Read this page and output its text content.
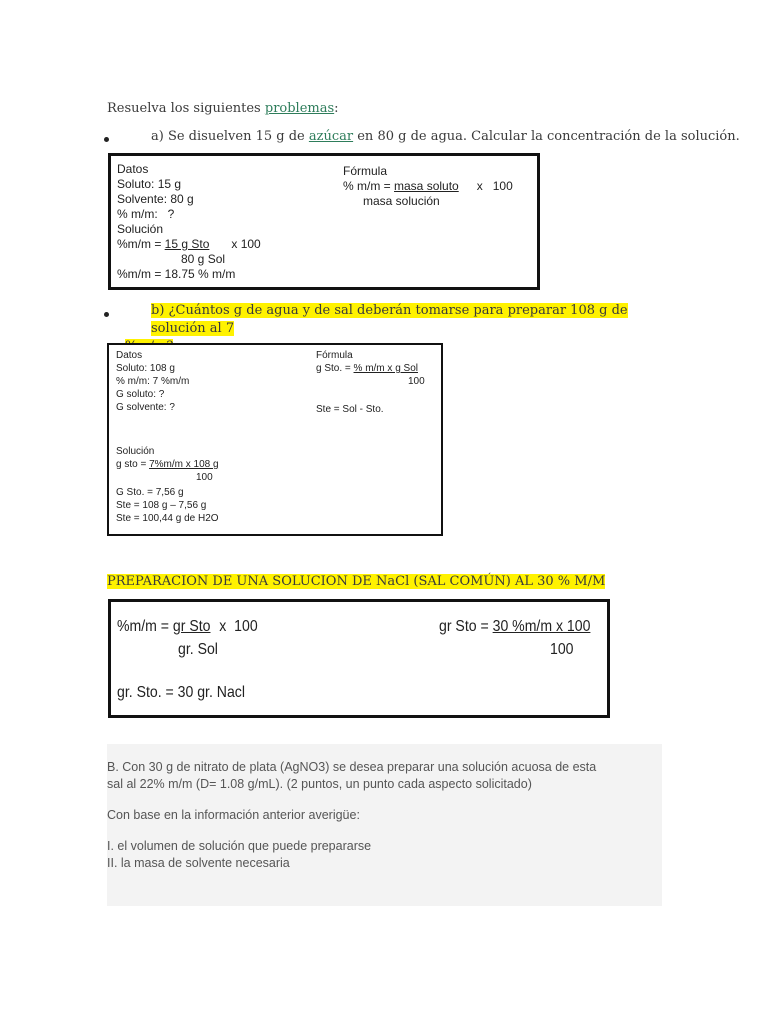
Resuelva los siguientes problemas:
a) Se disuelven 15 g de azúcar en 80 g de agua. Calcular la concentración de la solución.
Datos
Soluto: 15 g
Solvente: 80 g
% m/m:   ?
Solución
%m/m = 15 g Sto x 100
80 g Sol
%m/m = 18.75 % m/m
Fórmula
% m/m = masa soluto x   100
masa solución
b) ¿Cuántos g de agua y de sal deberán tomarse para preparar 108 g de solución al 7
Datos
Soluto: 108 g
% m/m: 7 %m/m
G soluto: ?
G solvente: ?
Solución
g sto = 7%m/m x 108 g
100
G Sto. = 7,56 g
Ste = 108 g – 7,56 g
Ste = 100,44 g de H2O
Fórmula
g Sto. = % m/m x g Sol
100
Ste = Sol - Sto.
PREPARACION DE UNA SOLUCION DE NaCl (SAL COMÚN) AL 30 % M/M
%m/m = gr Sto x  100
gr. Sol
gr Sto = 30 %m/m x 100
100
gr. Sto. = 30 gr. Nacl
B. Con 30 g de nitrato de plata (AgNO3) se desea preparar una solución acuosa de esta
sal al 22% m/m (D= 1.08 g/mL). (2 puntos, un punto cada aspecto solicitado)
Con base en la información anterior averigüe:
I. el volumen de solución que puede prepararse
II. la masa de solvente necesaria
